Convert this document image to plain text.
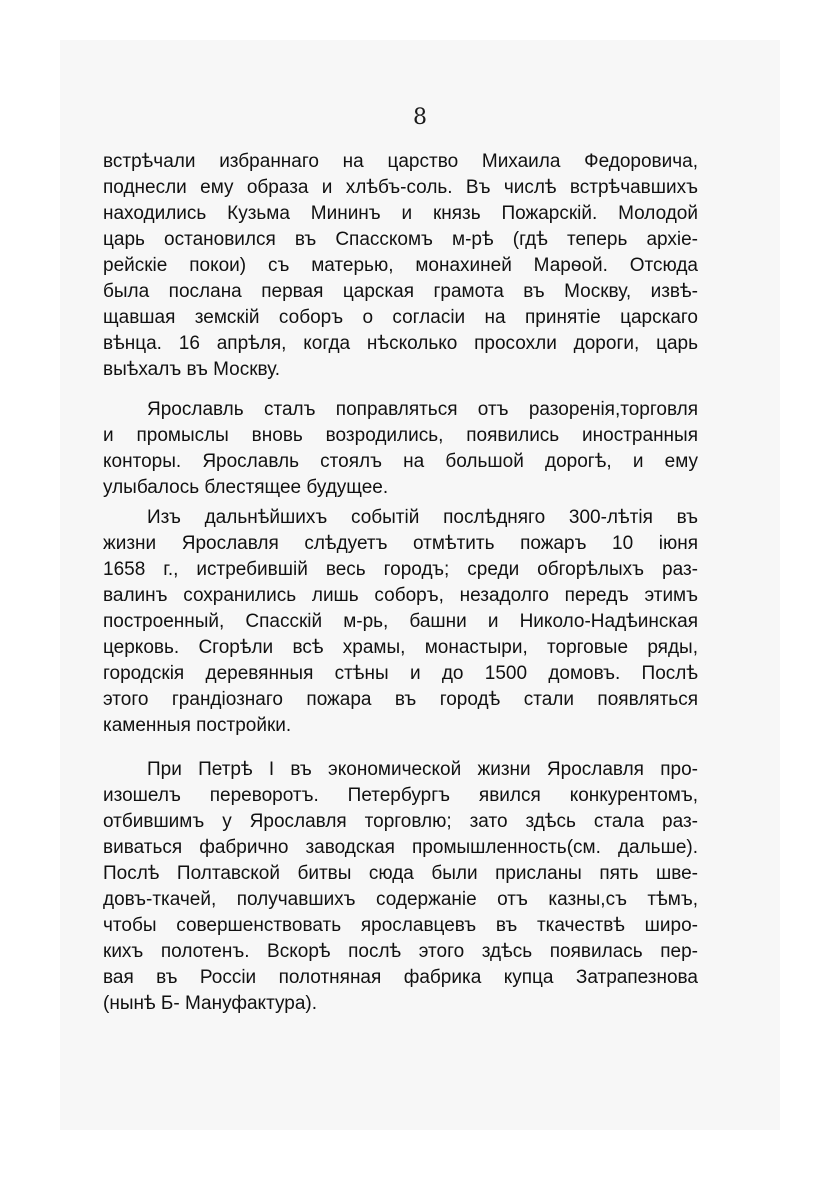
8
встрѣчали избраннаго на царство Михаила Федоровича,
поднесли ему образа и хлѣбъ-соль. Въ числѣ встрѣчавшихъ
находились Кузьма Мининъ и князь Пожарскій. Молодой
царь остановился въ Спасскомъ м-рѣ (гдѣ теперь архіе-
рейскіе покои) съ матерью, монахиней Марѳой. Отсюда
была послана первая царская грамота въ Москву, извѣ-
щавшая земскій соборъ о согласіи на принятіе царскаго
вѣнца. 16 апрѣля, когда нѣсколько просохли дороги, царь
выѣхалъ въ Москву.
Ярославль сталъ поправляться отъ разоренія,торговля
и промыслы вновь возродились, появились иностранныя
конторы. Ярославль стоялъ на большой дорогѣ, и ему
улыбалось блестящее будущее.
Изъ дальнѣйшихъ событій послѣдняго 300-лѣтія въ
жизни Ярославля слѣдуетъ отмѣтить пожаръ 10 іюня
1658 г., истребившій весь городъ; среди обгорѣлыхъ раз-
валинъ сохранились лишь соборъ, незадолго передъ этимъ
построенный, Спасскій м-рь, башни и Николо-Надѣинская
церковь. Сгорѣли всѣ храмы, монастыри, торговые ряды,
городскія деревянныя стѣны и до 1500 домовъ. Послѣ
этого грандіознаго пожара въ городѣ стали появляться
каменныя постройки.
При Петрѣ I въ экономической жизни Ярославля про-
изошелъ переворотъ. Петербургъ явился конкурентомъ,
отбившимъ у Ярославля торговлю; зато здѣсь стала раз-
виваться фабрично заводская промышленность(см. дальше).
Послѣ Полтавской битвы сюда были присланы пять шве-
довъ-ткачей, получавшихъ содержаніе отъ казны,съ тѣмъ,
чтобы совершенствовать ярославцевъ въ ткачествѣ широ-
кихъ полотенъ. Вскорѣ послѣ этого здѣсь появилась пер-
вая въ Россіи полотняная фабрика купца Затрапезнова
(нынѣ Б- Мануфактура).
